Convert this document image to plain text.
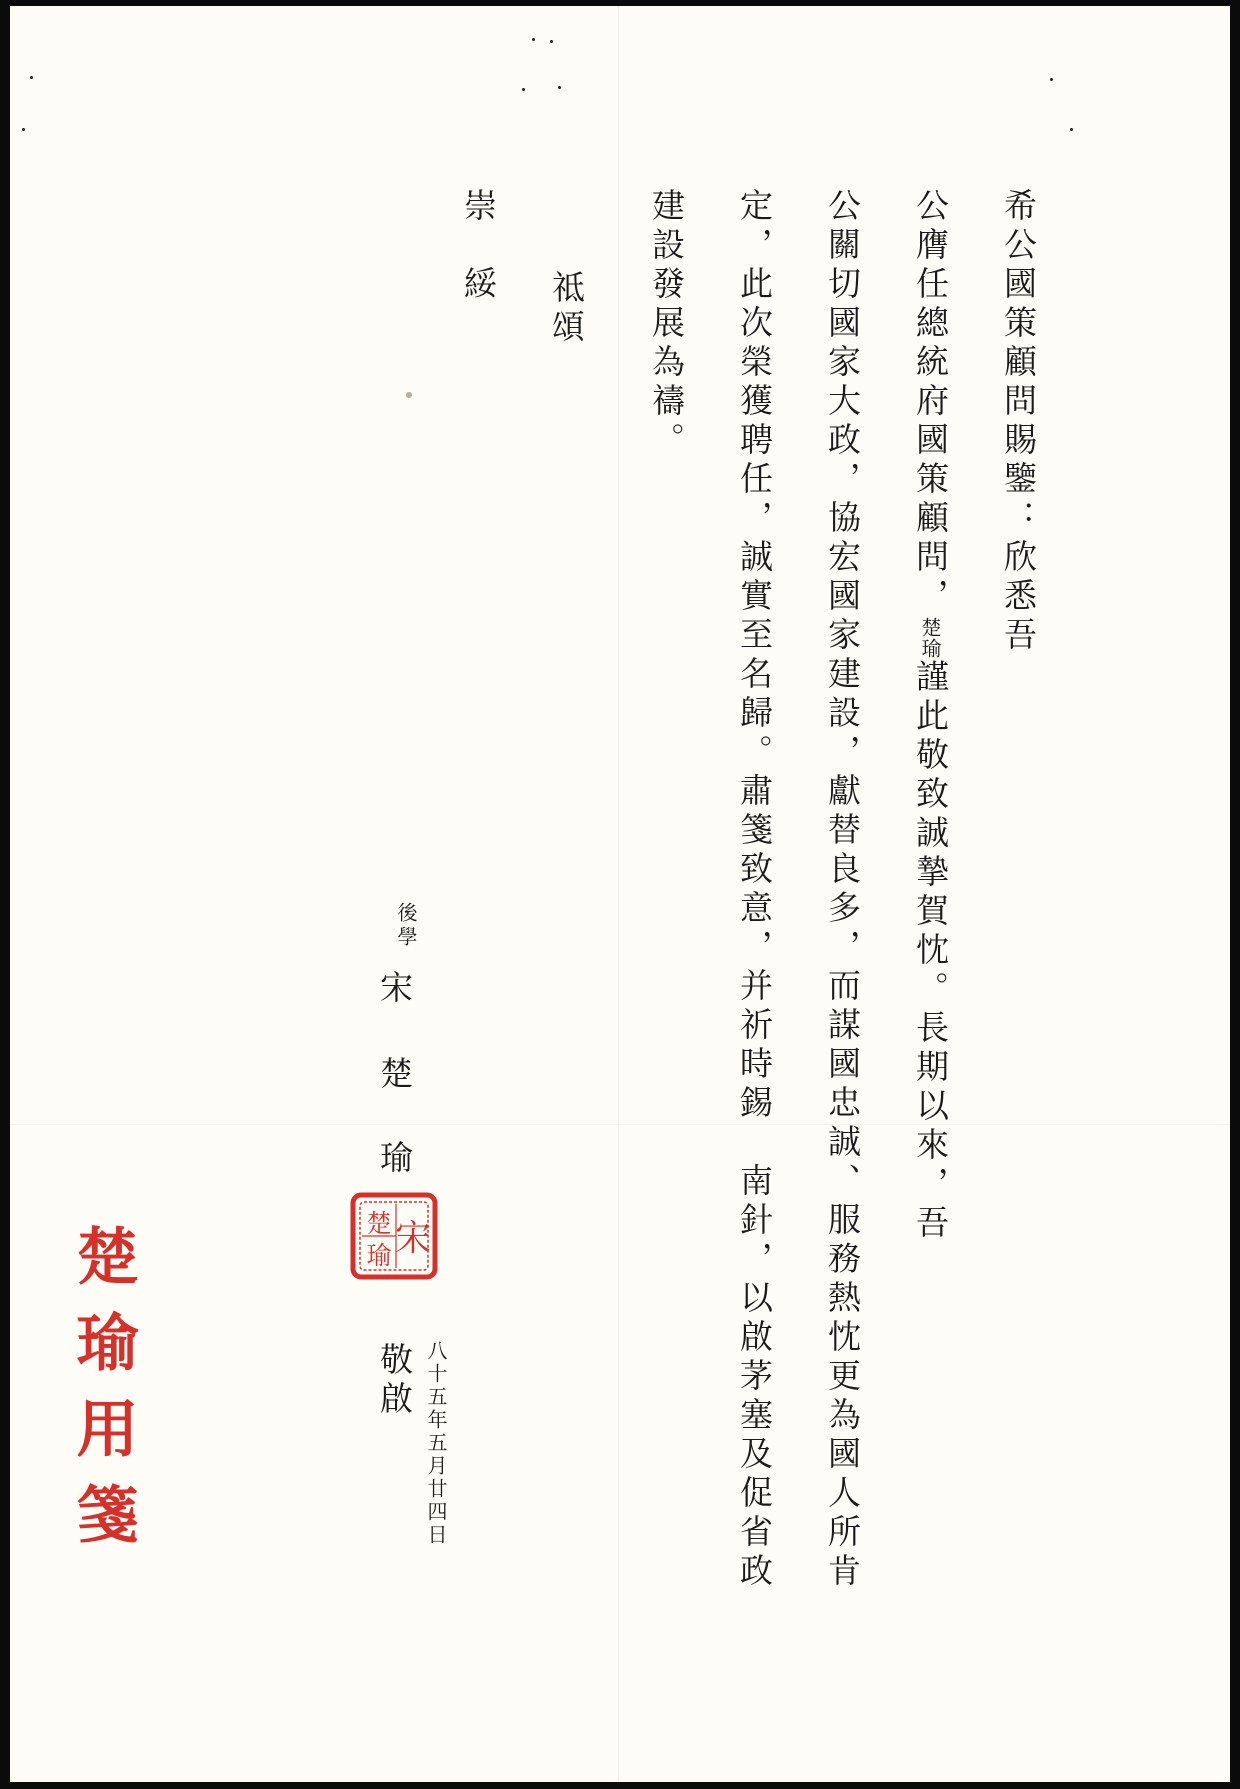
希公國策顧問賜鑒：欣悉吾
公膺任總統府國策顧問，楚瑜謹此敬致誠摯賀忱。長期以來，吾
公關切國家大政，協宏國家建設，獻替良多，而謀國忠誠、服務熱忱更為國人所肯
定，此次榮獲聘任，誠實至名歸。肅箋致意，并祈時錫　南針，以啟茅塞及促省政
建設發展為禱。
祗頌
崇　綏
後學
宋
楚
瑜
宋
楚
瑜
敬啟 八十五年五月廿四日
楚瑜用箋
